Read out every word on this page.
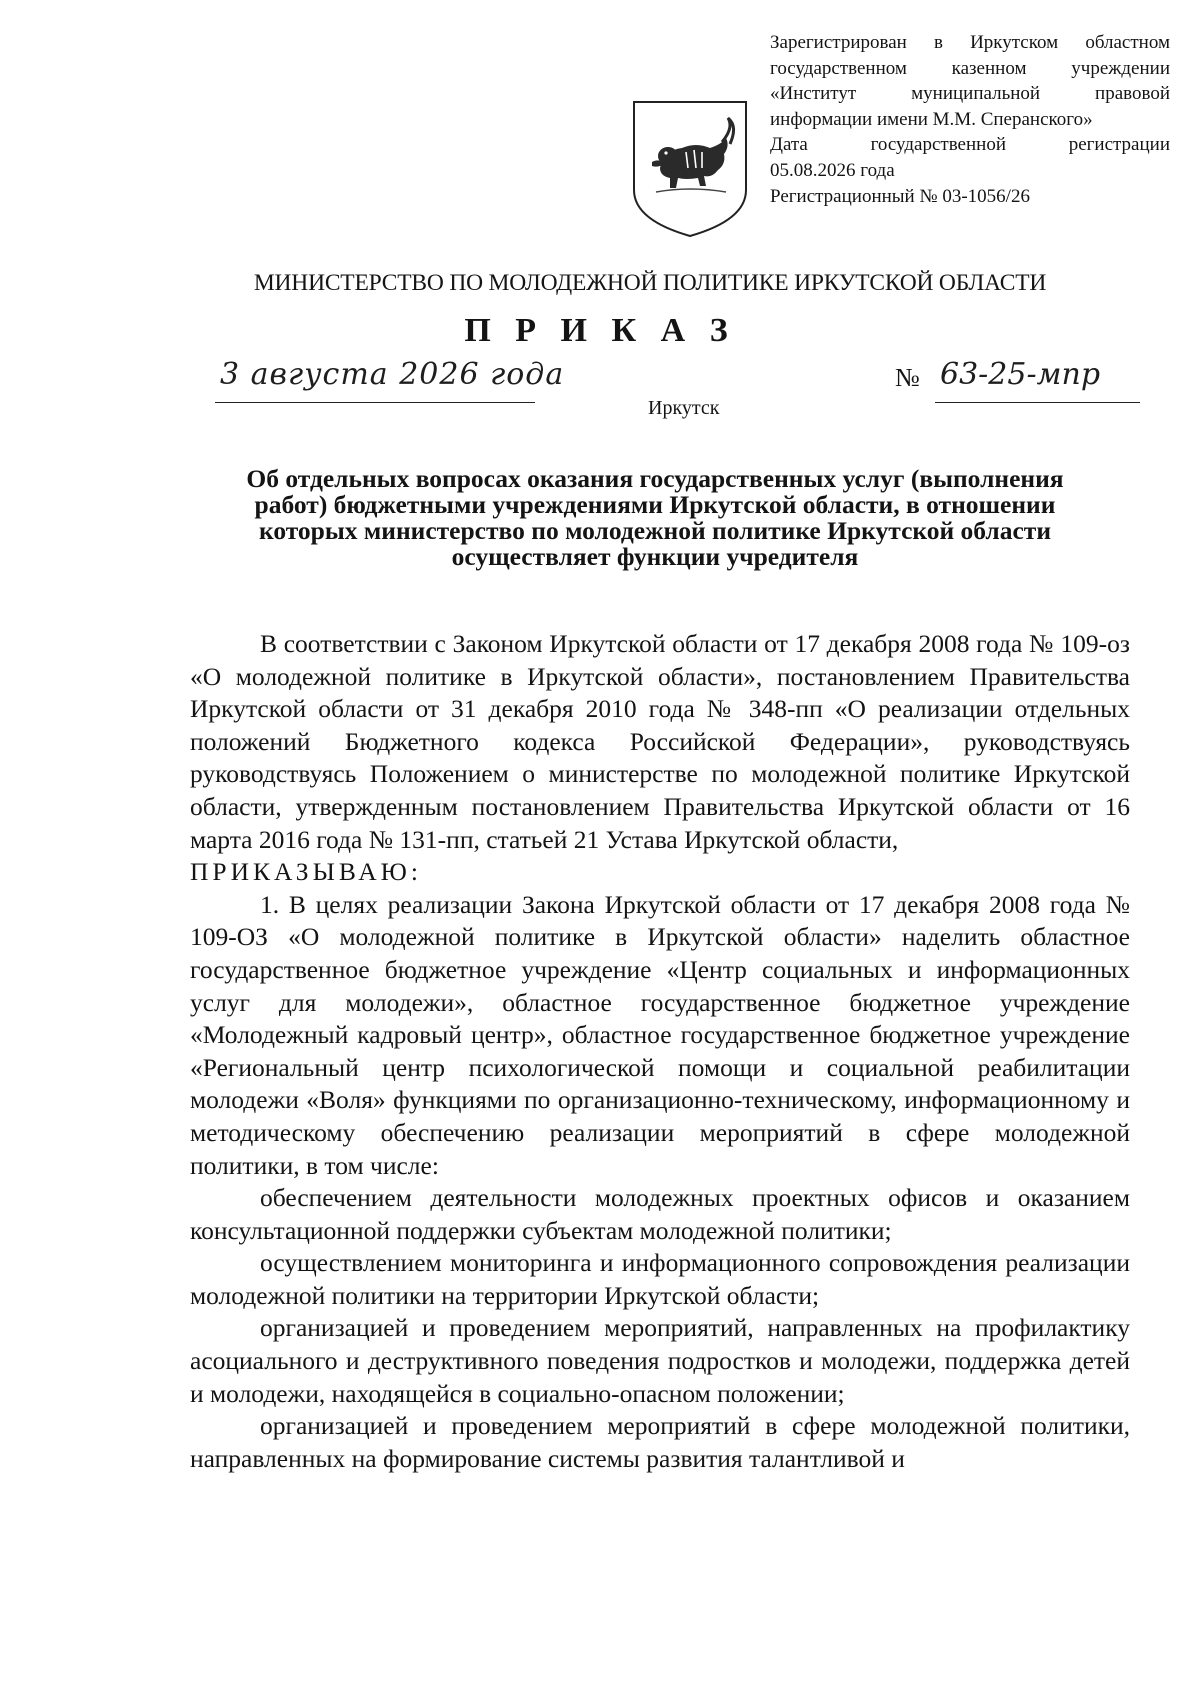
Зарегистрирован в Иркутском областном
государственном казенном учреждении
«Институт муниципальной правовой
информации имени М.М. Сперанского»
Дата государственной регистрации
05.08.2026 года
Регистрационный № 03-1056/26
МИНИСТЕРСТВО ПО МОЛОДЕЖНОЙ ПОЛИТИКЕ ИРКУТСКОЙ ОБЛАСТИ
П Р И К А З
3 августа 2026 года	№ 63-25-мпр
Иркутск
Об отдельных вопросах оказания государственных услуг (выполнения
работ) бюджетными учреждениями Иркутской области, в отношении
которых министерство по молодежной политике Иркутской области
осуществляет функции учредителя

В соответствии с Законом Иркутской области от 17 декабря 2008 года № 109-оз «О молодежной политике в Иркутской области», постановлением Правительства Иркутской области от 31 декабря 2010 года № 348-пп «О реализации отдельных положений Бюджетного кодекса Российской Федерации», руководствуясь руководствуясь Положением о министерстве по молодежной политике Иркутской области, утвержденным постановлением Правительства Иркутской области от 16 марта 2016 года № 131-пп, статьей 21 Устава Иркутской области,

ПРИКАЗЫВАЮ:

1. В целях реализации Закона Иркутской области от 17 декабря 2008 года № 109-ОЗ «О молодежной политике в Иркутской области» наделить областное государственное бюджетное учреждение «Центр социальных и информационных услуг для молодежи», областное государственное бюджетное учреждение «Молодежный кадровый центр», областное государственное бюджетное учреждение «Региональный центр психологической помощи и социальной реабилитации молодежи «Воля» функциями по организационно-техническому, информационному и методическому обеспечению реализации мероприятий в сфере молодежной политики, в том числе:

обеспечением деятельности молодежных проектных офисов и оказанием консультационной поддержки субъектам молодежной политики;

осуществлением мониторинга и информационного сопровождения реализации молодежной политики на территории Иркутской области;

организацией и проведением мероприятий, направленных на профилактику асоциального и деструктивного поведения подростков и молодежи, поддержка детей и молодежи, находящейся в социально-опасном положении;

организацией и проведением мероприятий в сфере молодежной политики, направленных на формирование системы развития талантливой и
